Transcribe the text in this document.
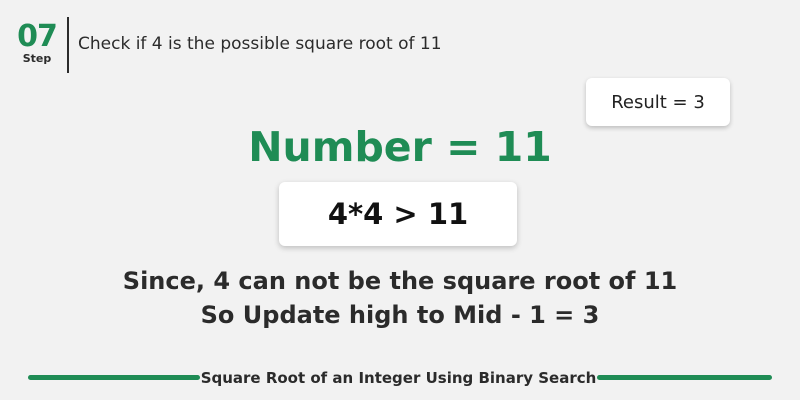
07
Step
Check if 4 is the possible square root of 11
Result = 3
Number = 11
4*4 > 11
Since, 4 can not be the square root of 11
So Update high to Mid - 1 = 3
Square Root of an Integer Using Binary Search
